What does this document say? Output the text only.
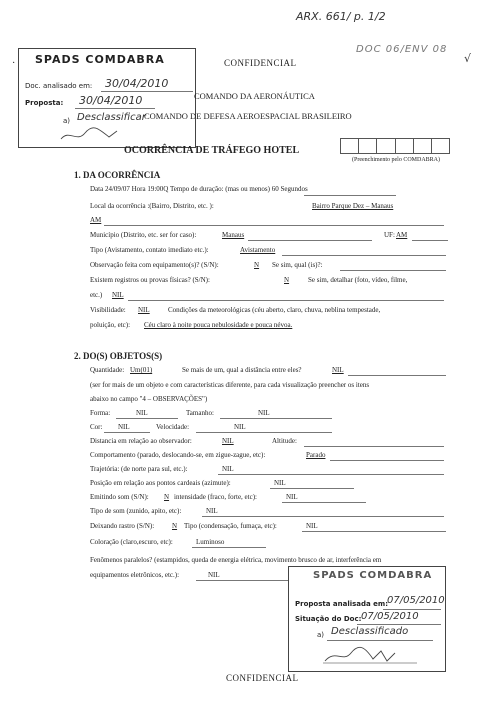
ARX. 661/ p. 1/2
DOC 06/ENV 08
√
SPADS COMDABRA
Doc. analisado em: 30/04/2010
Proposta: 30/04/2010
a) Desclassificar
·	CONFIDENCIAL
COMANDO DA AERONÁUTICA
COMANDO DE DEFESA AEROESPACIAL BRASILEIRO
OCORRÊNCIA DE TRÁFEGO HOTEL
(Preenchimento pelo COMDABRA)
1. DA OCORRÊNCIA
Data 24/09/07 Hora 19:00Q Tempo de duração: (mas ou menos) 60 Segundos
Local da ocorrência :(Bairro, Distrito, etc. ):	Bairro Parque Dez – Manaus
AM
Município (Distrito, etc. ser for caso):	Manaus	UF: AM
Tipo (Avistamento, contato imediato etc.):	Avistamento
Observação feita com equipamento(s)? (S/N):	N Se sim, qual (is)?:
Existem registros ou provas físicas? (S/N):	N	Se sim, detalhar (foto, vídeo, filme,
etc.) NIL
Visibilidade: NIL	Condições da meteorológicas (céu aberto, claro, chuva, neblina tempestade,
poluição, etc): Céu claro à noite pouca nebulosidade e pouca névoa.
2. DO(S) OBJETOS(S)
Quantidade: Um(01)	Se mais de um, qual a distância entre eles?	NIL
(ser for mais de um objeto e com características diferente, para cada visualização preencher os itens
abaixo no campo "4 – OBSERVAÇÕES")
Forma:	NIL	Tamanho:	NIL
Cor: NIL	Velocidade:	NIL
Distancia em relação ao observador:	NIL	Altitude:
Comportamento (parado, deslocando-se, em zigue-zague, etc):	Parado
Trajetória: (de norte para sul, etc.):	NIL
Posição em relação aos pontos cardeais (azimute):	NIL
Emitindo som (S/N): N intensidade (fraco, forte, etc):	NIL
Tipo de som (zunido, apito, etc):	NIL
Deixando rastro (S/N):	N Tipo (condensação, fumaça, etc):	NIL
Coloração (claro,escuro, etc):	Luminoso
Fenômenos paralelos? (estampidos, queda de energia elétrica, movimento brusco de ar, interferência em
equipamentos eletrônicos, etc.):	NIL	SPADS COMDABRA
Proposta analisada em:
07/05/2010
Situação do Doc: 07/05/2010
a) Desclassificado
CONFIDENCIAL
